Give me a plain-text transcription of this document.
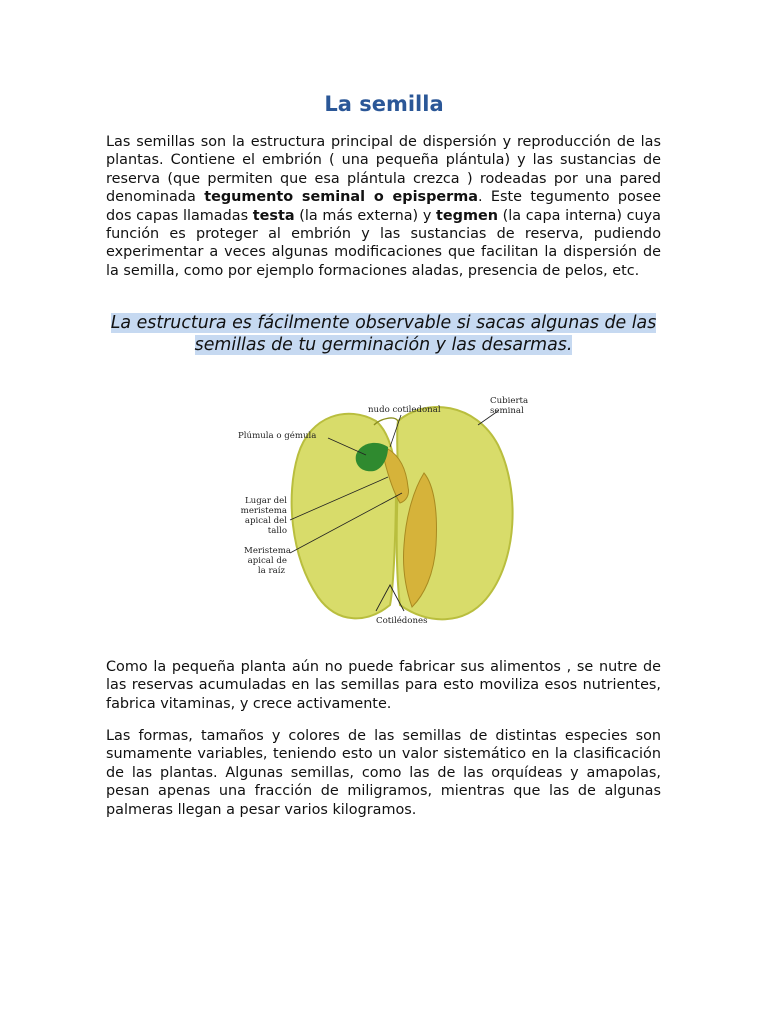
La semilla

Las semillas son la estructura principal de dispersión y reproducción de las plantas. Contiene el embrión ( una pequeña plántula) y las sustancias de reserva (que permiten que esa plántula crezca ) rodeadas por una pared denominada tegumento seminal o episperma. Este tegumento posee dos capas llamadas testa (la más externa) y tegmen (la capa interna) cuya función es proteger al embrión y las sustancias de reserva, pudiendo experimentar a veces algunas modificaciones que facilitan la dispersión de la semilla, como por ejemplo formaciones aladas, presencia de pelos, etc.

La estructura es fácilmente observable si sacas algunas de las semillas de tu germinación y las desarmas.

Plúmula o gémula
nudo cotiledonal
Cubierta
seminal
Lugar del
meristema
apical del
tallo
Meristema
apical de
la raíz
Cotilédones

Como la pequeña planta aún no puede fabricar sus alimentos , se nutre de las reservas acumuladas en las semillas para esto moviliza esos nutrientes, fabrica vitaminas, y crece activamente.

Las formas, tamaños y colores de las semillas de distintas especies son sumamente variables, teniendo esto un valor sistemático en la clasificación de las plantas. Algunas semillas, como las de las orquídeas y amapolas, pesan apenas una fracción de miligramos, mientras que las de algunas palmeras llegan a pesar varios kilogramos.
